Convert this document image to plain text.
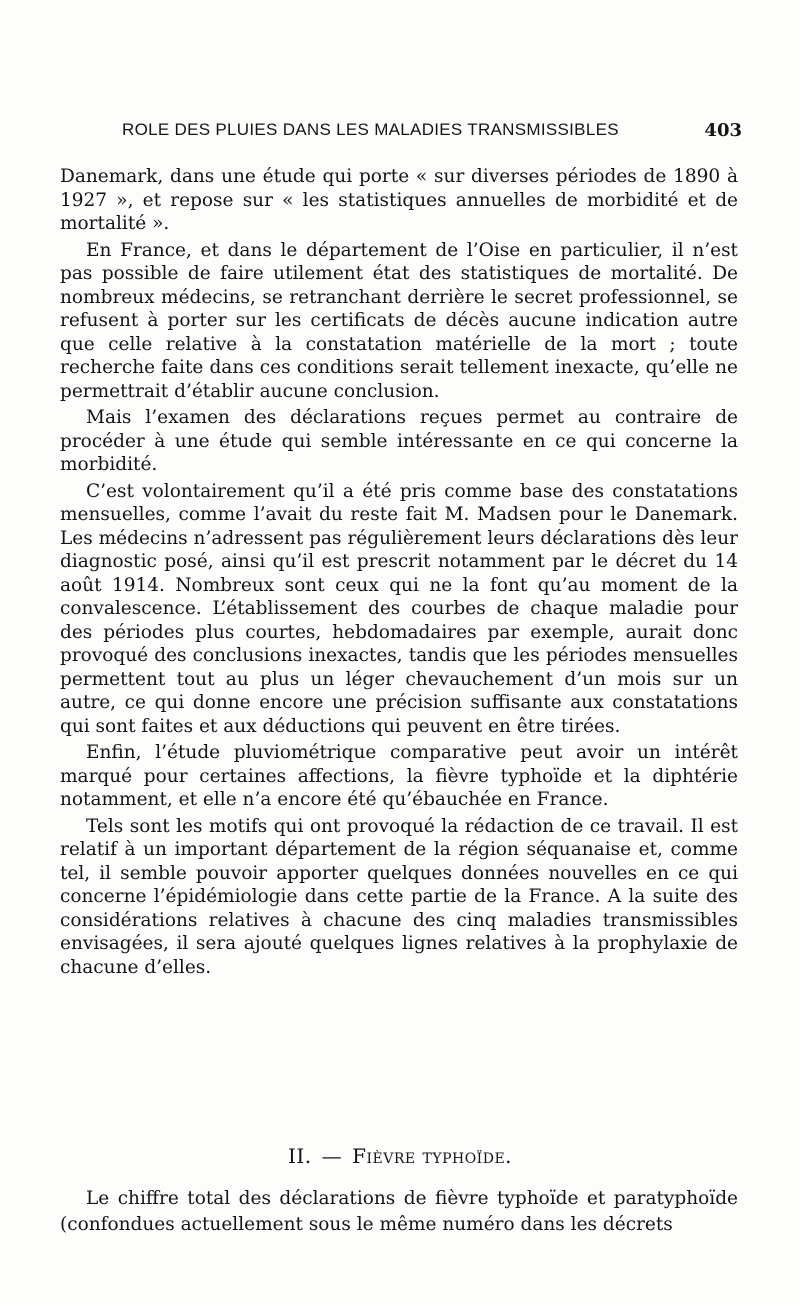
ROLE DES PLUIES DANS LES MALADIES TRANSMISSIBLES	403

Danemark, dans une étude qui porte « sur diverses périodes de 1890 à 1927 », et repose sur « les statistiques annuelles de morbidité et de mortalité ».

En France, et dans le département de l’Oise en particulier, il n’est pas possible de faire utilement état des statistiques de mortalité. De nombreux médecins, se retranchant derrière le secret professionnel, se refusent à porter sur les certificats de décès aucune indication autre que celle relative à la constatation matérielle de la mort ; toute recherche faite dans ces conditions serait tellement inexacte, qu’elle ne permettrait d’établir aucune conclusion.

Mais l’examen des déclarations reçues permet au contraire de procéder à une étude qui semble intéressante en ce qui concerne la morbidité.

C’est volontairement qu’il a été pris comme base des constatations mensuelles, comme l’avait du reste fait M. Madsen pour le Danemark. Les médecins n’adressent pas régulièrement leurs déclarations dès leur diagnostic posé, ainsi qu’il est prescrit notamment par le décret du 14 août 1914. Nombreux sont ceux qui ne la font qu’au moment de la convalescence. L’établissement des courbes de chaque maladie pour des périodes plus courtes, hebdomadaires par exemple, aurait donc provoqué des conclusions inexactes, tandis que les périodes mensuelles permettent tout au plus un léger chevauchement d’un mois sur un autre, ce qui donne encore une précision suffisante aux constatations qui sont faites et aux déductions qui peuvent en être tirées.

Enfin, l’étude pluviométrique comparative peut avoir un intérêt marqué pour certaines affections, la fièvre typhoïde et la diphtérie notamment, et elle n’a encore été qu’ébauchée en France.

Tels sont les motifs qui ont provoqué la rédaction de ce travail. Il est relatif à un important département de la région séquanaise et, comme tel, il semble pouvoir apporter quelques données nouvelles en ce qui concerne l’épidémiologie dans cette partie de la France. A la suite des considérations relatives à chacune des cinq maladies transmissibles envisagées, il sera ajouté quelques lignes relatives à la prophylaxie de chacune d’elles.

II. — Fièvre typhoïde.

Le chiffre total des déclarations de fièvre typhoïde et paratyphoïde (confondues actuellement sous le même numéro dans les décrets
